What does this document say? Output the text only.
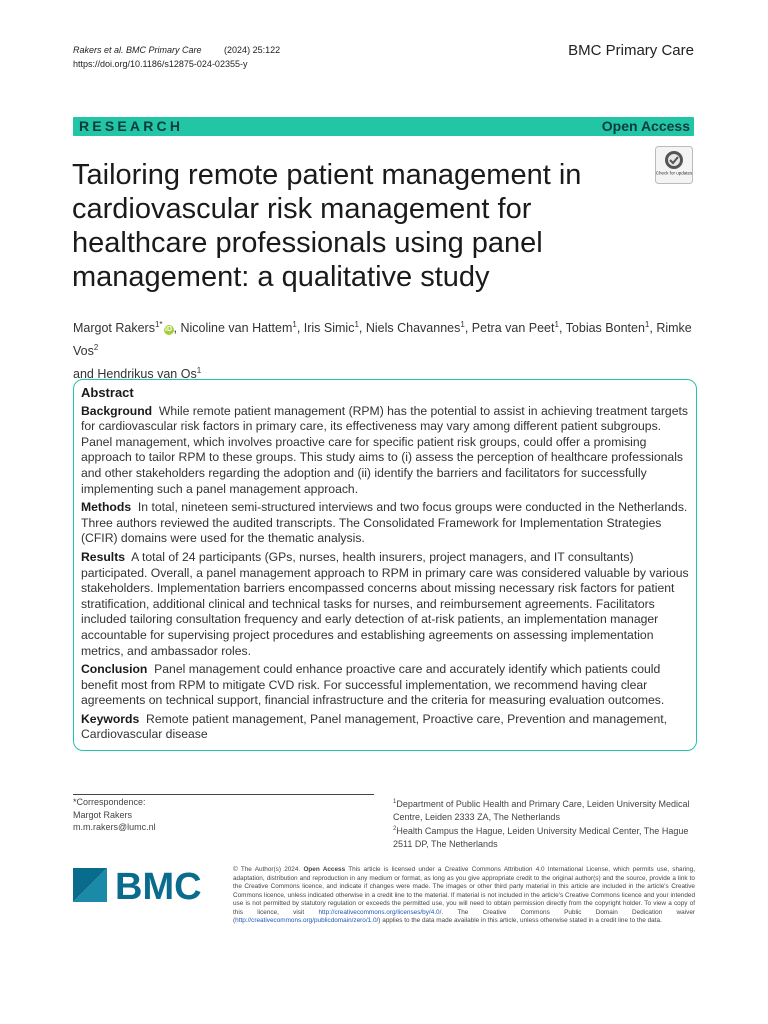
Rakers et al. BMC Primary Care	(2024) 25:122
https://doi.org/10.1186/s12875-024-02355-y
BMC Primary Care
RESEARCH	Open Access
Tailoring remote patient management in cardiovascular risk management for healthcare professionals using panel management: a qualitative study
Check for updates
Margot Rakers$^{1*}$iD , Nicoline van Hattem$^1$, Iris Simic$^1$, Niels Chavannes$^1$, Petra van Peet$^1$, Tobias Bonten$^1$, Rimke Vos$^2$
and Hendrikus van Os$^1$
Abstract

Background While remote patient management (RPM) has the potential to assist in achieving treatment targets for cardiovascular risk factors in primary care, its effectiveness may vary among different patient subgroups. Panel management, which involves proactive care for specific patient risk groups, could offer a promising approach to tailor RPM to these groups. This study aims to (i) assess the perception of healthcare professionals and other stakeholders regarding the adoption and (ii) identify the barriers and facilitators for successfully implementing such a panel management approach.

Methods In total, nineteen semi-structured interviews and two focus groups were conducted in the Netherlands. Three authors reviewed the audited transcripts. The Consolidated Framework for Implementation Strategies (CFIR) domains were used for the thematic analysis.

Results A total of 24 participants (GPs, nurses, health insurers, project managers, and IT consultants) participated. Overall, a panel management approach to RPM in primary care was considered valuable by various stakeholders. Implementation barriers encompassed concerns about missing necessary risk factors for patient stratification, additional clinical and technical tasks for nurses, and reimbursement agreements. Facilitators included tailoring consultation frequency and early detection of at-risk patients, an implementation manager accountable for supervising project procedures and establishing agreements on assessing implementation metrics, and ambassador roles.

Conclusion Panel management could enhance proactive care and accurately identify which patients could benefit most from RPM to mitigate CVD risk. For successful implementation, we recommend having clear agreements on technical support, financial infrastructure and the criteria for measuring evaluation outcomes.

Keywords Remote patient management, Panel management, Proactive care, Prevention and management, Cardiovascular disease

*Correspondence:
Margot Rakers
m.m.rakers@lumc.nl
$^1$Department of Public Health and Primary Care, Leiden University Medical Centre, Leiden 2333 ZA, The Netherlands
$^2$Health Campus the Hague, Leiden University Medical Center, The Hague 2511 DP, The Netherlands
BMC	© The Author(s) 2024. Open Access This article is licensed under a Creative Commons Attribution 4.0 International License, which permits use, sharing, adaptation, distribution and reproduction in any medium or format, as long as you give appropriate credit to the original author(s) and the source, provide a link to the Creative Commons licence, and indicate if changes were made. The images or other third party material in this article are included in the article's Creative Commons licence, unless indicated otherwise in a credit line to the material. If material is not included in the article's Creative Commons licence and your intended use is not permitted by statutory regulation or exceeds the permitted use, you will need to obtain permission directly from the copyright holder. To view a copy of this licence, visit http://creativecommons.org/licenses/by/4.0/. The Creative Commons Public Domain Dedication waiver (http://creativecommons.org/publicdomain/zero/1.0/) applies to the data made available in this article, unless otherwise stated in a credit line to the data.
